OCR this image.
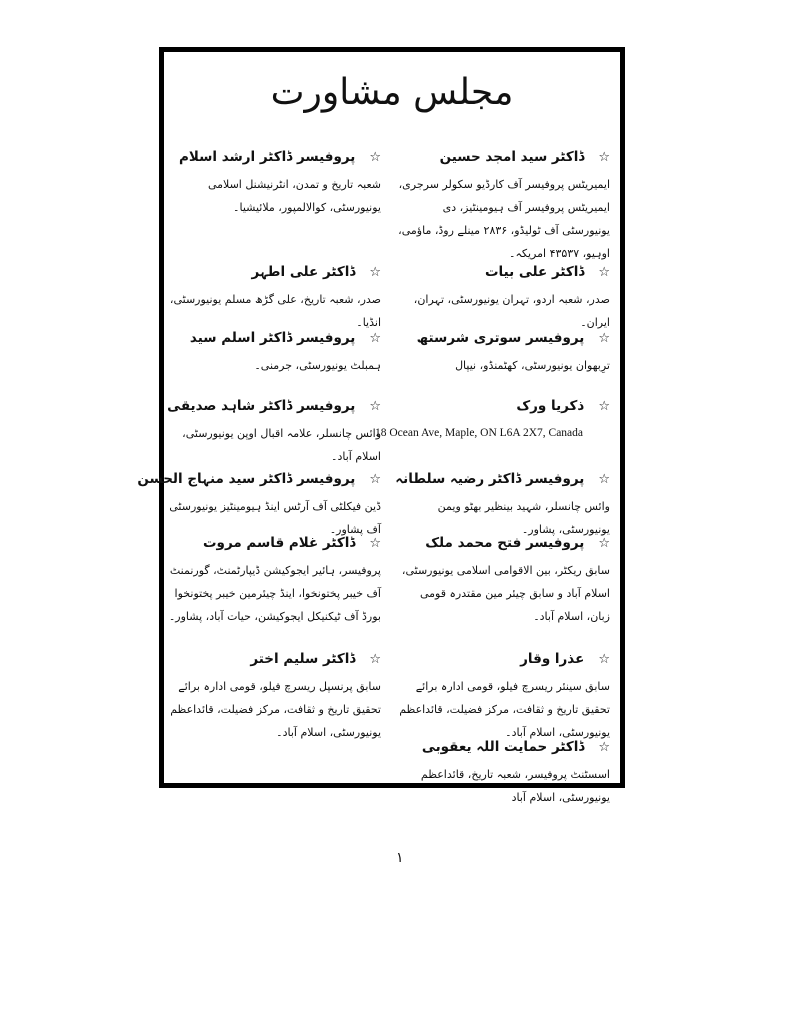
مجلس مشاورت
☆ڈاکٹر سید امجد حسین
ایمیریٹس پروفیسر آف کارڈیو سکولر سرجری، ایمیریٹس پروفیسر آف ہیومینٹیز، دی یونیورسٹی آف ٹولیڈو، ۲۸۳۶ مینلے روڈ، ماؤمی، اوہیو، ۴۳۵۳۷ امریکہ۔
☆ڈاکٹر علی بیات
صدر، شعبہ اردو، تہران یونیورسٹی، تہران، ایران۔
☆پروفیسر سوتری شرستھ
ترِبھوان یونیورسٹی، کھٹمنڈو، نیپال
☆ذکریا ورک
18 Ocean Ave, Maple, ON L6A 2X7, Canada
☆پروفیسر ڈاکٹر رضیہ سلطانہ
وائس چانسلر، شہید بینظیر بھٹو ویمن یونیورسٹی، پشاور۔
☆پروفیسر فتح محمد ملک
سابق ریکٹر، بین الاقوامی اسلامی یونیورسٹی، اسلام آباد و سابق چیئر مین مقتدرہ قومی زبان، اسلام آباد۔
☆عذرا وقار
سابق سینئر ریسرچ فیلو، قومی ادارہ برائے تحقیق تاریخ و ثقافت، مرکز فضیلت، قائداعظم یونیورسٹی، اسلام آباد۔
☆ڈاکٹر حمایت اللہ یعقوبی
اسسٹنٹ پروفیسر، شعبہ تاریخ، قائداعظم یونیورسٹی، اسلام آباد
☆پروفیسر ڈاکٹر ارشد اسلام
شعبہ تاریخ و تمدن، انٹرنیشنل اسلامی یونیورسٹی، کوالالمپور، ملائیشیا۔
☆ڈاکٹر علی اطہر
صدر، شعبہ تاریخ، علی گڑھ مسلم یونیورسٹی، انڈیا۔
☆پروفیسر ڈاکٹر اسلم سید
ہمبلٹ یونیورسٹی، جرمنی۔
☆پروفیسر ڈاکٹر شاہد صدیقی
وائس چانسلر، علامہ اقبال اوپن یونیورسٹی، اسلام آباد۔
☆پروفیسر ڈاکٹر سید منہاج الحسن
ڈین فیکلٹی آف آرٹس اینڈ ہیومینٹیز یونیورسٹی آف پشاور۔
☆ڈاکٹر غلام قاسم مروت
پروفیسر، ہائیر ایجوکیشن ڈیپارٹمنٹ، گورنمنٹ آف خیبر پختونخوا، اینڈ چیئرمین خیبر پختونخوا بورڈ آف ٹیکنیکل ایجوکیشن، حیات آباد، پشاور۔
☆ڈاکٹر سلیم اختر
سابق پرنسپل ریسرچ فیلو، قومی ادارہ برائے تحقیق تاریخ و ثقافت، مرکز فضیلت، قائداعظم یونیورسٹی، اسلام آباد۔
۱
